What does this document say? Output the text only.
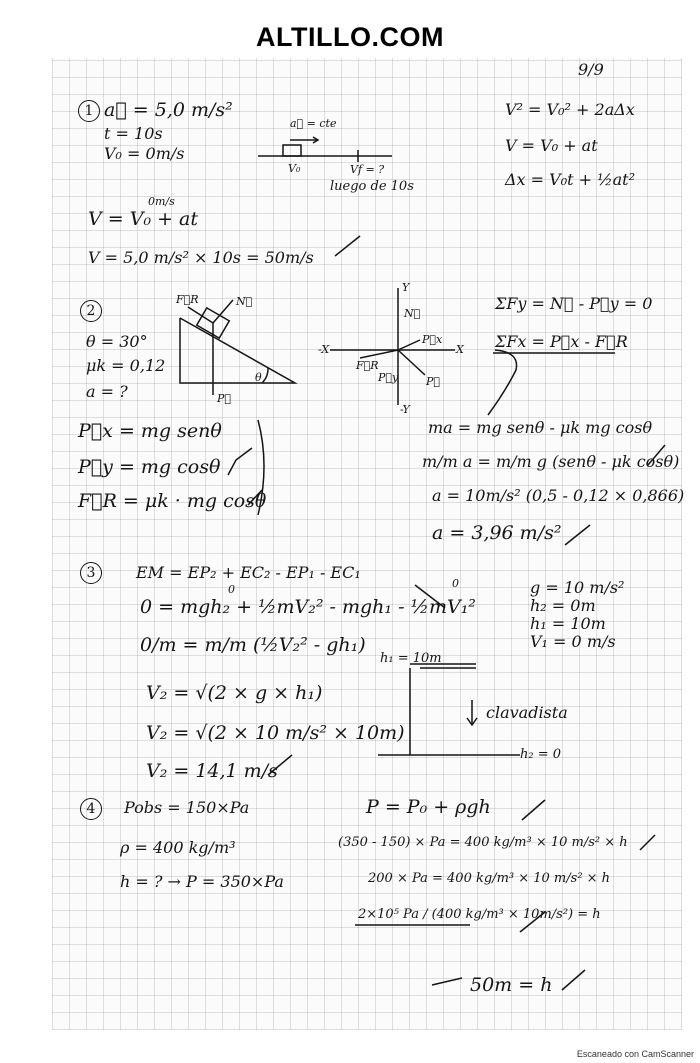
ALTILLO.COM
9/9
1 a⃗ = 5,0 m/s²
t = 10s
V₀ = 0m/s
a⃗ = cte
V₀	Vf = ?
luego de 10s
V² = V₀² + 2aΔx
V = V₀ + at
Δx = V₀t + ½at²
0m/s
V = V₀ + at
V = 5,0 m/s² × 10s = 50m/s
2
F⃗R	N⃗
P⃗
θ
θ = 30°
μk = 0,12
a = ?
P⃗x = mg senθ
P⃗y = mg cosθ
F⃗R = μk · mg cosθ
Y
-Y
X
-X
N⃗
P⃗x
P⃗y
F⃗R
P⃗
ΣFy = N⃗ - P⃗y = 0
ΣFx = P⃗x - F⃗R
ma = mg senθ - μk mg cosθ
m/m a = m/m g (senθ - μk cosθ)
a = 10m/s² (0,5 - 0,12 × 0,866)
a = 3,96 m/s²
3	EM = EP₂ + EC₂ - EP₁ - EC₁
0	0
0 = mgh₂ + ½mV₂² - mgh₁ - ½mV₁²
0/m = m/m (½V₂² - gh₁)
V₂ = √(2 × g × h₁)
V₂ = √(2 × 10 m/s² × 10m)
V₂ = 14,1 m/s
g = 10 m/s²
h₂ = 0m
h₁ = 10m
V₁ = 0 m/s
h₁ = 10m
clavadista
h₂ = 0
4	Pobs = 150×Pa
ρ = 400 kg/m³
h = ? → P = 350×Pa
P = P₀ + ρgh
(350 - 150) × Pa = 400 kg/m³ × 10 m/s² × h
200 × Pa = 400 kg/m³ × 10 m/s² × h
2×10⁵ Pa / (400 kg/m³ × 10m/s²) = h
50m = h
Escaneado con CamScanner
